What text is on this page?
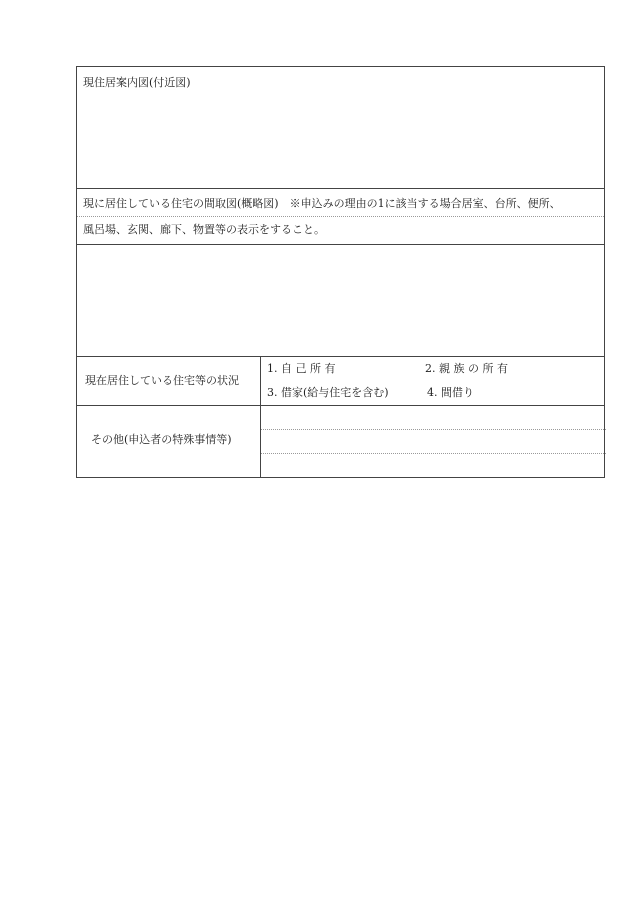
現住居案内図(付近図)
現に居住している住宅の間取図(概略図)　※申込みの理由の1に該当する場合居室、台所、便所、
風呂場、玄関、廊下、物置等の表示をすること。
現在居住している住宅等の状況
1. 自 己 所 有	2. 親 族 の 所 有
3. 借家(給与住宅を含む)	4. 間借り
その他(申込者の特殊事情等)
